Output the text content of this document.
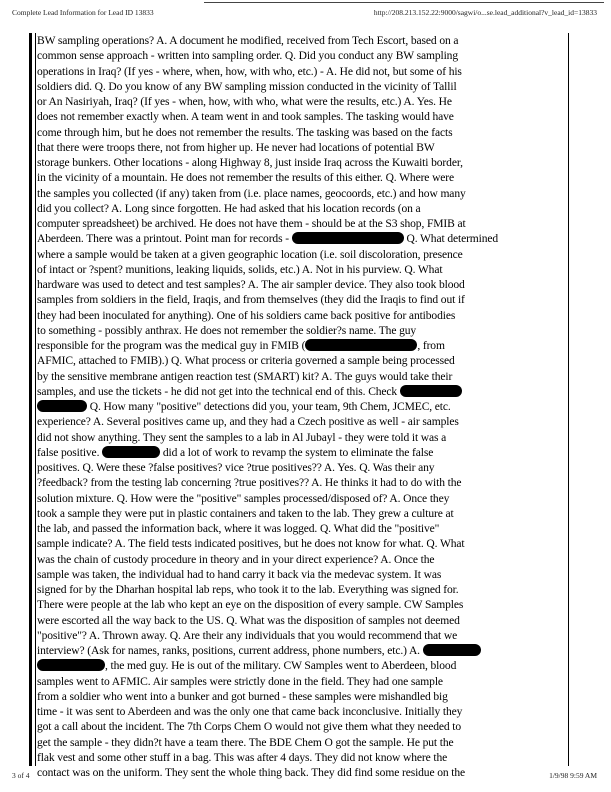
Complete Lead Information for Lead ID 13833	http://208.213.152.22:9000/sagwi/o...se.lead_additional?v_lead_id=13833
BW sampling operations? A. A document he modified, received from Tech Escort, based on a
common sense approach - written into sampling order. Q. Did you conduct any BW sampling
operations in Iraq? (If yes - where, when, how, with who, etc.) - A. He did not, but some of his
soldiers did. Q. Do you know of any BW sampling mission conducted in the vicinity of Tallil
or An Nasiriyah, Iraq? (If yes - when, how, with who, what were the results, etc.) A. Yes. He
does not remember exactly when. A team went in and took samples. The tasking would have
come through him, but he does not remember the results. The tasking was based on the facts
that there were troops there, not from higher up. He never had locations of potential BW
storage bunkers. Other locations - along Highway 8, just inside Iraq across the Kuwaiti border,
in the vicinity of a mountain. He does not remember the results of this either. Q. Where were
the samples you collected (if any) taken from (i.e. place names, geocoords, etc.) and how many
did you collect? A. Long since forgotten. He had asked that his location records (on a
computer spreadsheet) be archived. He does not have them - should be at the S3 shop, FMIB at
Aberdeen. There was a printout. Point man for records -	Q. What determined
where a sample would be taken at a given geographic location (i.e. soil discoloration, presence
of intact or ?spent? munitions, leaking liquids, solids, etc.) A. Not in his purview. Q. What
hardware was used to detect and test samples? A. The air sampler device. They also took blood
samples from soldiers in the field, Iraqis, and from themselves (they did the Iraqis to find out if
they had been inoculated for anything). One of his soldiers came back positive for antibodies
to something - possibly anthrax. He does not remember the soldier?s name. The guy
responsible for the program was the medical guy in FMIB (	, from
AFMIC, attached to FMIB).) Q. What process or criteria governed a sample being processed
by the sensitive membrane antigen reaction test (SMART) kit? A. The guys would take their
samples, and use the tickets - he did not get into the technical end of this. Check
Q. How many "positive" detections did you, your team, 9th Chem, JCMEC, etc.
experience? A. Several positives came up, and they had a Czech positive as well - air samples
did not show anything. They sent the samples to a lab in Al Jubayl - they were told it was a
false positive.	did a lot of work to revamp the system to eliminate the false
positives. Q. Were these ?false positives? vice ?true positives?? A. Yes. Q. Was their any
?feedback? from the testing lab concerning ?true positives?? A. He thinks it had to do with the
solution mixture. Q. How were the "positive" samples processed/disposed of? A. Once they
took a sample they were put in plastic containers and taken to the lab. They grew a culture at
the lab, and passed the information back, where it was logged. Q. What did the "positive"
sample indicate? A. The field tests indicated positives, but he does not know for what. Q. What
was the chain of custody procedure in theory and in your direct experience? A. Once the
sample was taken, the individual had to hand carry it back via the medevac system. It was
signed for by the Dharhan hospital lab reps, who took it to the lab. Everything was signed for.
There were people at the lab who kept an eye on the disposition of every sample. CW Samples
were escorted all the way back to the US. Q. What was the disposition of samples not deemed
"positive"? A. Thrown away. Q. Are their any individuals that you would recommend that we
interview? (Ask for names, ranks, positions, current address, phone numbers, etc.) A.
, the med guy. He is out of the military. CW Samples went to Aberdeen, blood
samples went to AFMIC. Air samples were strictly done in the field. They had one sample
from a soldier who went into a bunker and got burned - these samples were mishandled big
time - it was sent to Aberdeen and was the only one that came back inconclusive. Initially they
got a call about the incident. The 7th Corps Chem O would not give them what they needed to
get the sample - they didn?t have a team there. The BDE Chem O got the sample. He put the
flak vest and some other stuff in a bag. This was after 4 days. They did not know where the
contact was on the uniform. They sent the whole thing back. They did find some residue on the
3 of 4	1/9/98 9:59 AM
